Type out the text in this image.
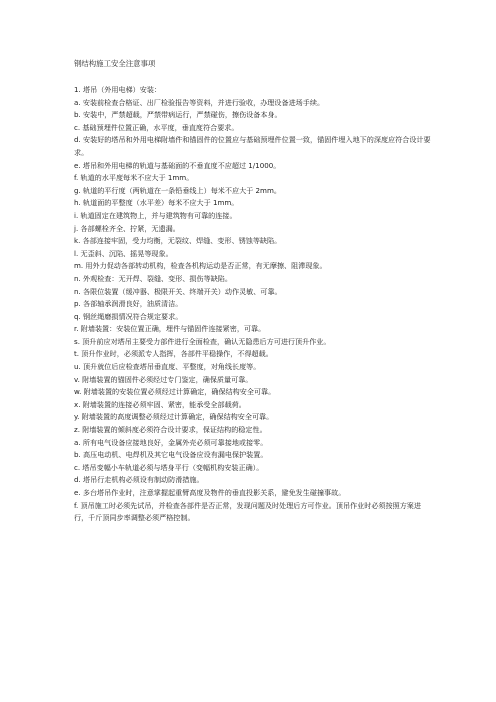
钢结构施工安全注意事项
1. 塔吊（外用电梯）安装：
a. 安装前检查合格证、出厂检验报告等资料，并进行验收，办理设备进场手续。
b. 安装中，严禁超载，严禁带病运行，严禁碰伤，擦伤设备本身。
c. 基础预埋件位置正确，水平度，垂直度符合要求。
d. 安装好的塔吊和外用电梯附墙件和锚固件的位置应与基础预埋件位置一致，锚固件埋入地下的深度应符合设计要求。
e. 塔吊和外用电梯的轨道与基础面的不垂直度不应超过 1/1000。
f. 轨道的水平度每米不应大于 1mm。
g. 轨道的平行度（两轨道在一条铅垂线上）每米不应大于 2mm。
h. 轨道面的平整度（水平差）每米不应大于 1mm。
i. 轨道固定在建筑物上，并与建筑物有可靠的连接。
j. 各部螺栓齐全、拧紧，无遗漏。
k. 各部连接牢固，受力均衡，无裂纹、焊缝、变形、锈蚀等缺陷。
l. 无歪斜、沉陷、摇晃等现象。
m. 用外力促动各部转动机构，检查各机构运动是否正常，有无摩擦、阻滞现象。
n. 外观检查：无开焊、裂缝、变形、损伤等缺陷。
n. 各限位装置（缓冲器、极限开关、终端开关）动作灵敏、可靠。
p. 各部轴承润滑良好，油质清洁。
q. 钢丝绳磨损情况符合规定要求。
r. 附墙装置：安装位置正确，埋件与锚固件连接紧密，可靠。
s. 顶升前应对塔吊主要受力部件进行全面检查，确认无隐患后方可进行顶升作业。
t. 顶升作业时，必须派专人指挥，各部件平稳操作，不得超载。
u. 顶升就位后应检查塔吊垂直度、平整度，对角线长度等。
v. 附墙装置的锚固件必须经过专门鉴定，确保质量可靠。
w. 附墙装置的安装位置必须经过计算确定，确保结构安全可靠。
x. 附墙装置的连接必须牢固、紧密，能承受全部载荷。
y. 附墙装置的高度调整必须经过计算确定，确保结构安全可靠。
z. 附墙装置的倾斜度必须符合设计要求，保证结构的稳定性。
a. 所有电气设备应接地良好，金属外壳必须可靠接地或接零。
b. 高压电动机、电焊机及其它电气设备应设有漏电保护装置。
c. 塔吊变幅小车轨道必须与塔身平行（变幅机构安装正确）。
d. 塔吊行走机构必须设有制动防滑措施。
e. 多台塔吊作业时，注意掌握起重臂高度及物件的垂直投影关系，避免发生碰撞事故。
f. 顶吊施工时必须先试吊，并检查各部件是否正常，发现问题及时处理后方可作业。顶吊作业时必须按照方案进行，千斤顶同步率调整必须严格控制。
